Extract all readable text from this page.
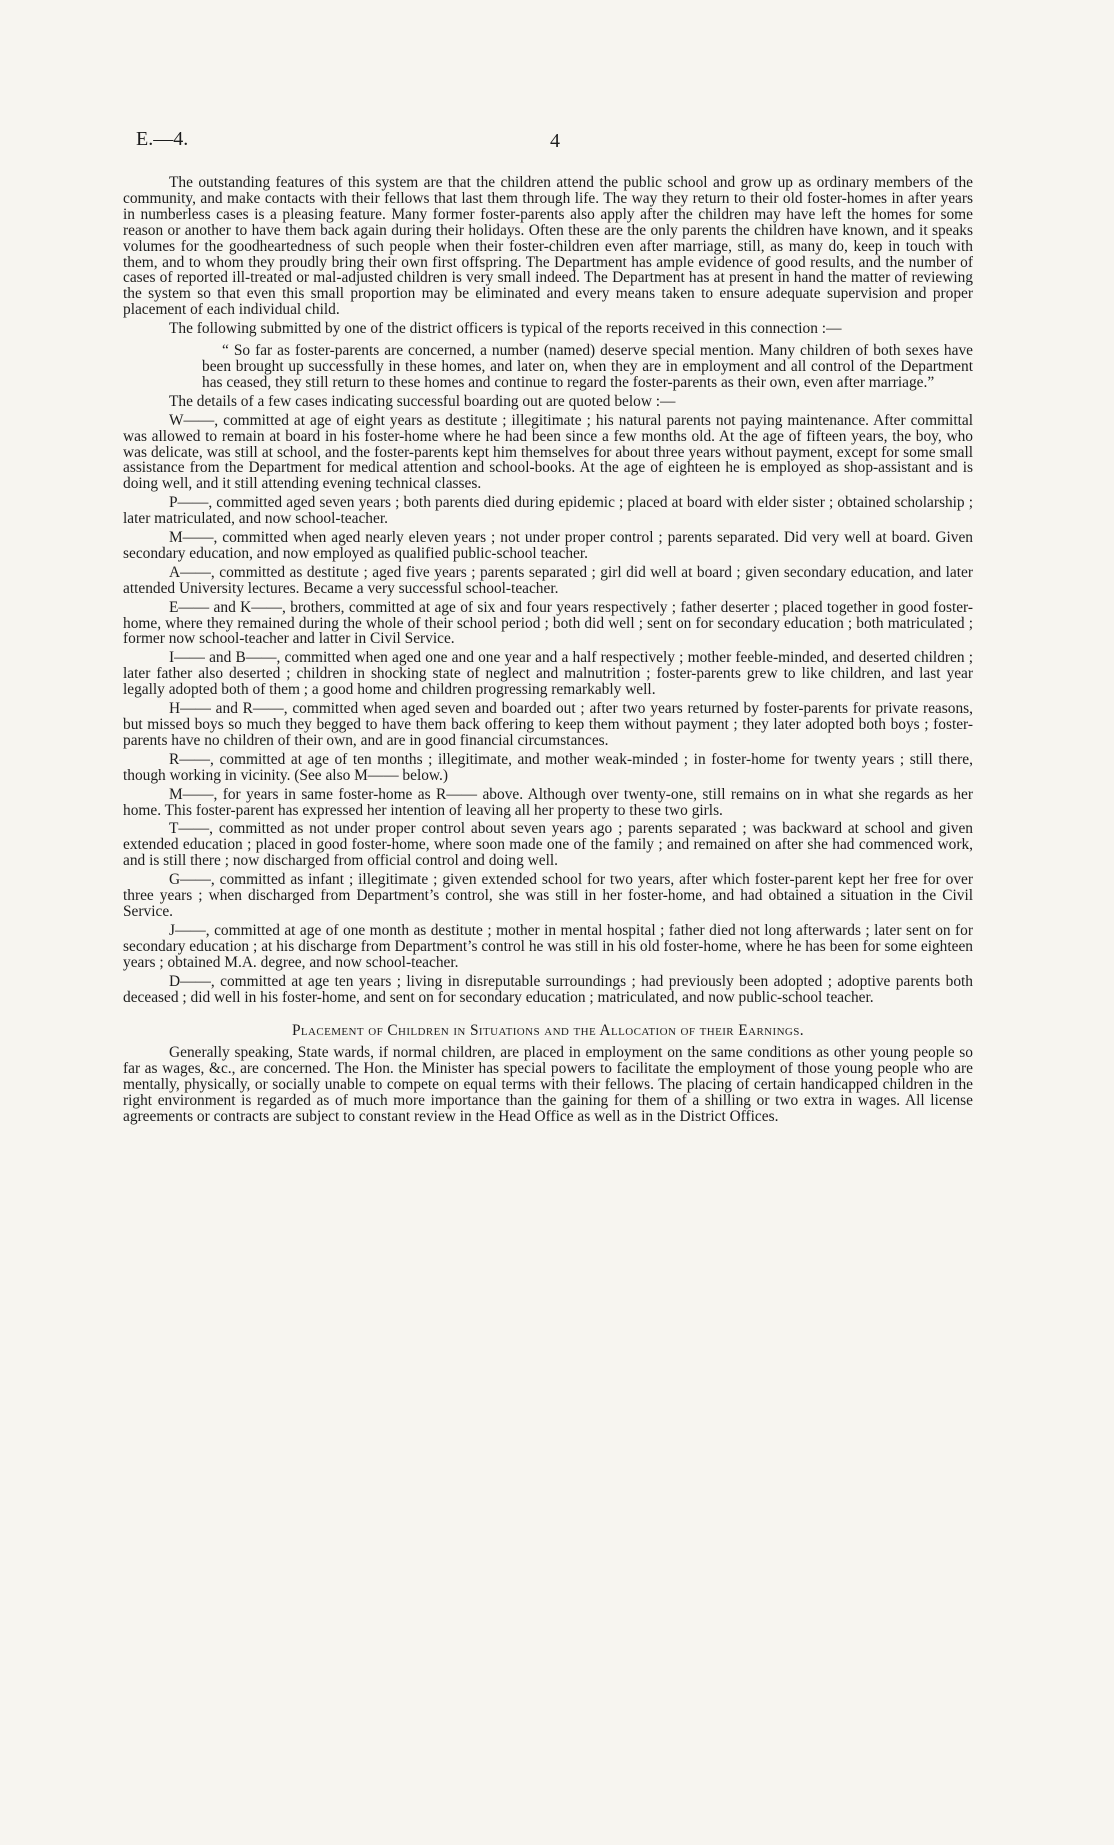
E.—4.	4

The outstanding features of this system are that the children attend the public school and grow up as ordinary members of the community, and make contacts with their fellows that last them through life. The way they return to their old foster-homes in after years in numberless cases is a pleasing feature. Many former foster-parents also apply after the children may have left the homes for some reason or another to have them back again during their holidays. Often these are the only parents the children have known, and it speaks volumes for the goodheartedness of such people when their foster-children even after marriage, still, as many do, keep in touch with them, and to whom they proudly bring their own first offspring. The Department has ample evidence of good results, and the number of cases of reported ill-treated or mal-adjusted children is very small indeed. The Department has at present in hand the matter of reviewing the system so that even this small proportion may be eliminated and every means taken to ensure adequate supervision and proper placement of each individual child.

The following submitted by one of the district officers is typical of the reports received in this connection :—

“ So far as foster-parents are concerned, a number (named) deserve special mention. Many children of both sexes have been brought up successfully in these homes, and later on, when they are in employment and all control of the Department has ceased, they still return to these homes and continue to regard the foster-parents as their own, even after marriage.”

The details of a few cases indicating successful boarding out are quoted below :—

W——, committed at age of eight years as destitute ; illegitimate ; his natural parents not paying maintenance. After committal was allowed to remain at board in his foster-home where he had been since a few months old. At the age of fifteen years, the boy, who was delicate, was still at school, and the foster-parents kept him themselves for about three years without payment, except for some small assistance from the Department for medical attention and school-books. At the age of eighteen he is employed as shop-assistant and is doing well, and it still attending evening technical classes.

P——, committed aged seven years ; both parents died during epidemic ; placed at board with elder sister ; obtained scholarship ; later matriculated, and now school-teacher.

M——, committed when aged nearly eleven years ; not under proper control ; parents separated. Did very well at board. Given secondary education, and now employed as qualified public-school teacher.

A——, committed as destitute ; aged five years ; parents separated ; girl did well at board ; given secondary education, and later attended University lectures. Became a very successful school-teacher.

E—— and K——, brothers, committed at age of six and four years respectively ; father deserter ; placed together in good foster-home, where they remained during the whole of their school period ; both did well ; sent on for secondary education ; both matriculated ; former now school-teacher and latter in Civil Service.

I—— and B——, committed when aged one and one year and a half respectively ; mother feeble-minded, and deserted children ; later father also deserted ; children in shocking state of neglect and malnutrition ; foster-parents grew to like children, and last year legally adopted both of them ; a good home and children progressing remarkably well.

H—— and R——, committed when aged seven and boarded out ; after two years returned by foster-parents for private reasons, but missed boys so much they begged to have them back offering to keep them without payment ; they later adopted both boys ; foster-parents have no children of their own, and are in good financial circumstances.

R——, committed at age of ten months ; illegitimate, and mother weak-minded ; in foster-home for twenty years ; still there, though working in vicinity. (See also M—— below.)

M——, for years in same foster-home as R—— above. Although over twenty-one, still remains on in what she regards as her home. This foster-parent has expressed her intention of leaving all her property to these two girls.

T——, committed as not under proper control about seven years ago ; parents separated ; was backward at school and given extended education ; placed in good foster-home, where soon made one of the family ; and remained on after she had commenced work, and is still there ; now discharged from official control and doing well.

G——, committed as infant ; illegitimate ; given extended school for two years, after which foster-parent kept her free for over three years ; when discharged from Department’s control, she was still in her foster-home, and had obtained a situation in the Civil Service.

J——, committed at age of one month as destitute ; mother in mental hospital ; father died not long afterwards ; later sent on for secondary education ; at his discharge from Department’s control he was still in his old foster-home, where he has been for some eighteen years ; obtained M.A. degree, and now school-teacher.

D——, committed at age ten years ; living in disreputable surroundings ; had previously been adopted ; adoptive parents both deceased ; did well in his foster-home, and sent on for secondary education ; matriculated, and now public-school teacher.

Placement of Children in Situations and the Allocation of their Earnings.

Generally speaking, State wards, if normal children, are placed in employment on the same conditions as other young people so far as wages, &c., are concerned. The Hon. the Minister has special powers to facilitate the employment of those young people who are mentally, physically, or socially unable to compete on equal terms with their fellows. The placing of certain handicapped children in the right environment is regarded as of much more importance than the gaining for them of a shilling or two extra in wages. All license agreements or contracts are subject to constant review in the Head Office as well as in the District Offices.
